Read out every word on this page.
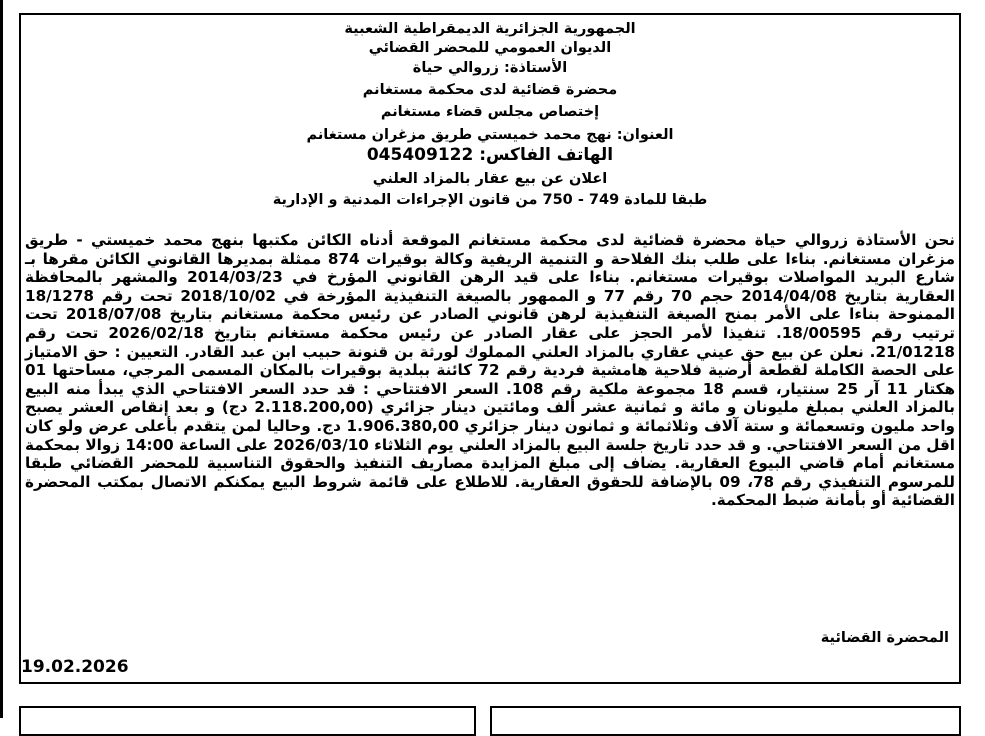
الجمهورية الجزائرية الديمقراطية الشعبية
الديوان العمومي للمحضر القضائي
الأستاذة: زروالي حياة
محضرة قضائية لدى محكمة مستغانم
إختصاص مجلس قضاء مستغانم
العنوان: نهج محمد خميستي طريق مزغران مستغانم
الهاتف الفاكس: 045409122
اعلان عن بيع عقار بالمزاد العلني
طبقا للمادة 749 - 750 من قانون الإجراءات المدنية و الإدارية
نحن الأستاذة زروالي حياة محضرة قضائية لدى محكمة مستغانم الموقعة أدناه الكائن مكتبها بنهج محمد خميستي - طريق مزغران مستغانم. بناءا على طلب بنك الفلاحة و التنمية الريفية وكالة بوقيرات 874 ممثلة بمديرها القانوني الكائن مقرها بـ شارع البريد المواصلات بوقيرات مستغانم. بناءا على قيد الرهن القانوني المؤرخ في 2014/03/23 والمشهر بالمحافظة العقارية بتاريخ 2014/04/08 حجم 70 رقم 77 و الممهور بالصيغة التنفيذية المؤرخة في 2018/10/02 تحت رقم 18/1278 الممنوحة بناءا على الأمر بمنح الصيغة التنفيذية لرهن قانوني الصادر عن رئيس محكمة مستغانم بتاريخ 2018/07/08 تحت ترتيب رقم 18/00595. تنفيذا لأمر الحجز على عقار الصادر عن رئيس محكمة مستغانم بتاريخ 2026/02/18 تحت رقم 21/01218. نعلن عن بيع حق عيني عقاري بالمزاد العلني المملوك لورثة بن قنونة حبيب ابن عبد القادر. التعيين : حق الامتياز على الحصة الكاملة لقطعة أرضية فلاحية هامشية فردية رقم 72 كائنة ببلدية بوقيرات بالمكان المسمى المرجي، مساحتها 01 هكتار 11 آر 25 سنتيار، قسم 18 مجموعة ملكية رقم 108. السعر الافتتاحي : قد حدد السعر الافتتاحي الذي يبدأ منه البيع بالمزاد العلني بمبلغ مليونان و مائة و ثمانية عشر ألف ومائتين دينار جزائري (2.118.200,00 دج) و بعد إنقاص العشر يصبح واحد مليون وتسعمائة و ستة آلاف وثلاثمائة و ثمانون دينار جزائري 1.906.380,00 دج. وحاليا لمن يتقدم بأعلى عرض ولو كان اقل من السعر الافتتاحي. و قد حدد تاريخ جلسة البيع بالمزاد العلني يوم الثلاثاء 2026/03/10 على الساعة 14:00 زوالا بمحكمة مستغانم أمام قاضي البيوع العقارية. يضاف إلى مبلغ المزايدة مصاريف التنفيذ والحقوق التناسبية للمحضر القضائي طبقا للمرسوم التنفيذي رقم 78، 09 بالإضافة للحقوق العقارية. للاطلاع على قائمة شروط البيع يمكنكم الاتصال بمكتب المحضرة القضائية أو بأمانة ضبط المحكمة.
المحضرة القضائية
19.02.2026
